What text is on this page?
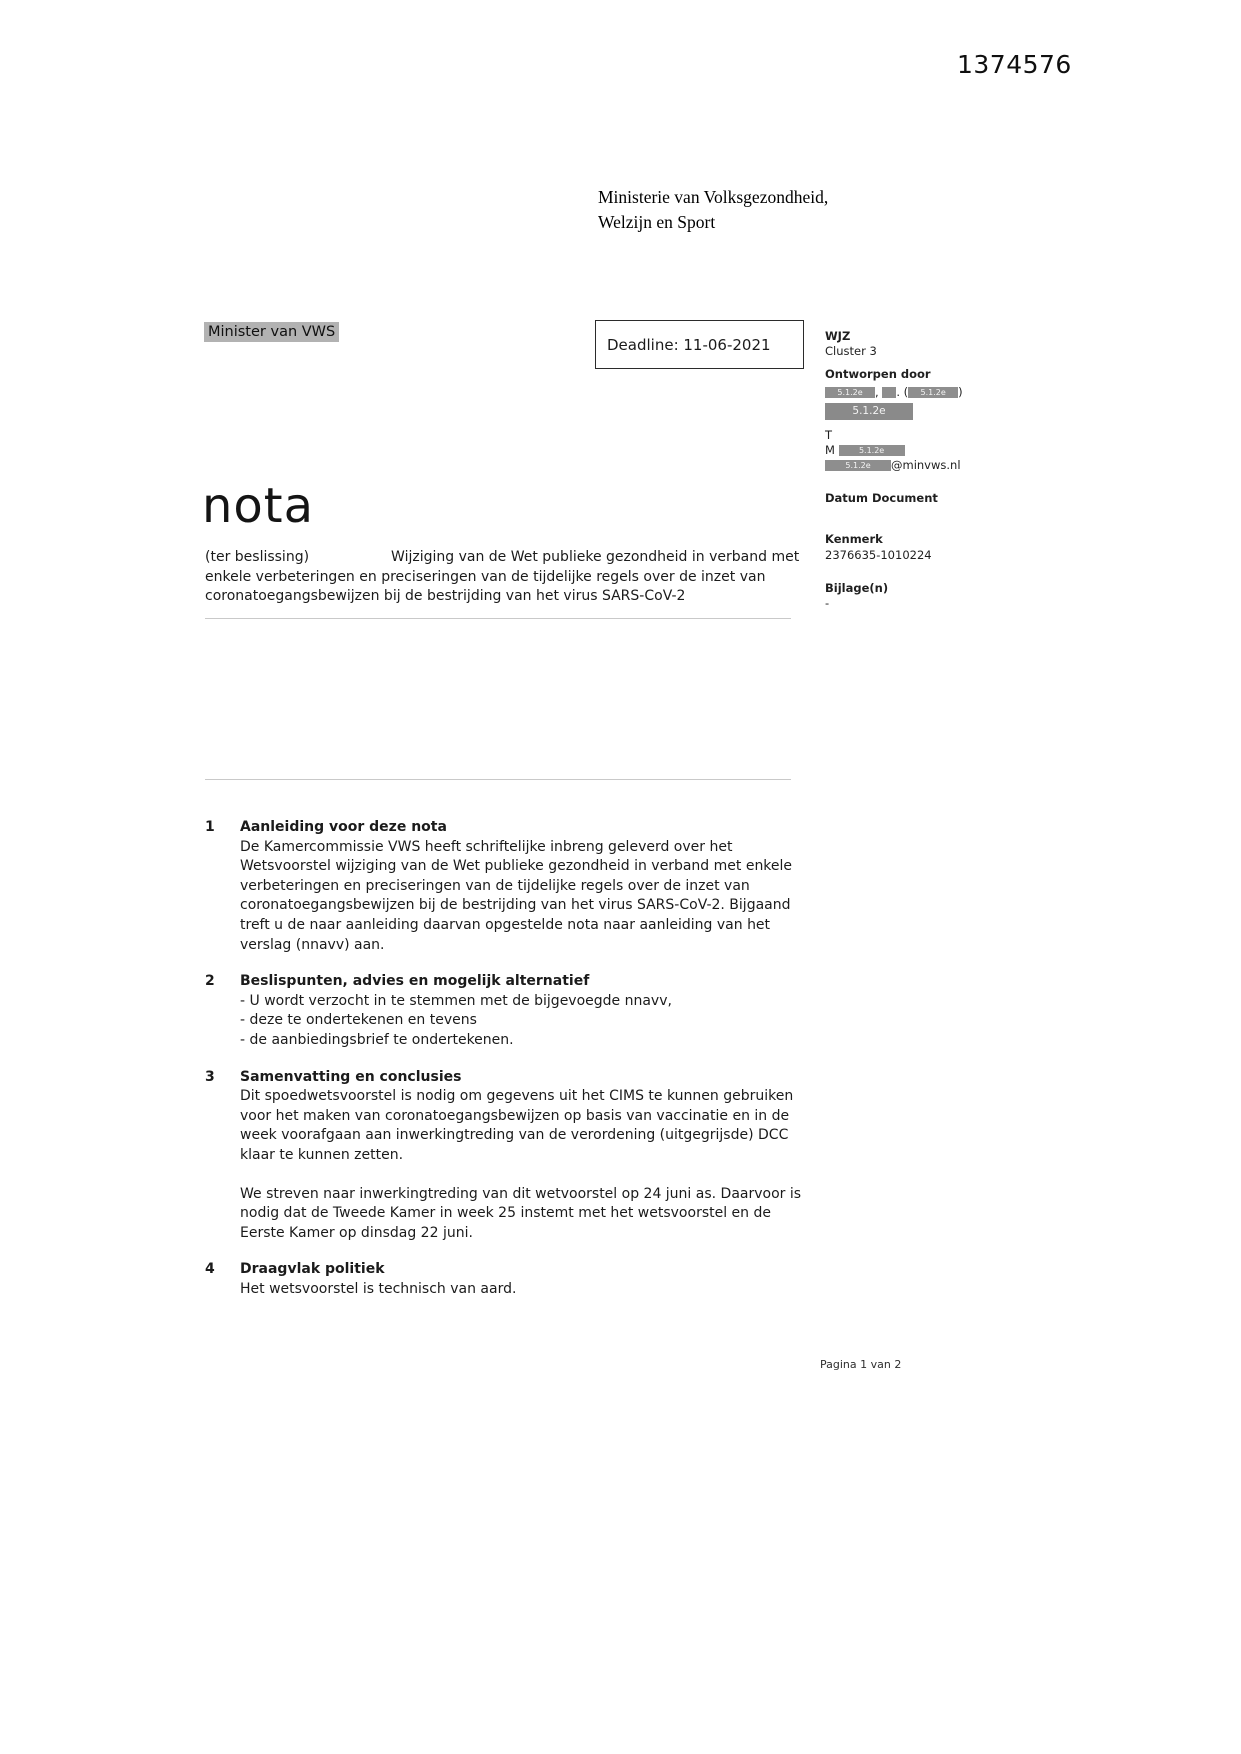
1374576
Ministerie van Volksgezondheid,
Welzijn en Sport
Minister van VWS
Deadline: 11-06-2021	WJZ
Cluster 3
Ontworpen door
5.1.2e , . ( 5.1.2e )
5.1.2e
T
M	5.1.2e
5.1.2e @minvws.nl
Datum Document
Kenmerk
2376635-1010224
Bijlage(n)
-
nota
(ter beslissing)	Wijziging van de Wet publieke gezondheid in verband met enkele verbeteringen en preciseringen van de tijdelijke regels over de inzet van coronatoegangsbewijzen bij de bestrijding van het virus SARS-CoV-2
1	Aanleiding voor deze nota

De Kamercommissie VWS heeft schriftelijke inbreng geleverd over het Wetsvoorstel wijziging van de Wet publieke gezondheid in verband met enkele verbeteringen en preciseringen van de tijdelijke regels over de inzet van coronatoegangsbewijzen bij de bestrijding van het virus SARS-CoV-2. Bijgaand treft u de naar aanleiding daarvan opgestelde nota naar aanleiding van het verslag (nnavv) aan.

2	Beslispunten, advies en mogelijk alternatief

- U wordt verzocht in te stemmen met de bijgevoegde nnavv,

- deze te ondertekenen en tevens

- de aanbiedingsbrief te ondertekenen.

3	Samenvatting en conclusies

Dit spoedwetsvoorstel is nodig om gegevens uit het CIMS te kunnen gebruiken voor het maken van coronatoegangsbewijzen op basis van vaccinatie en in de week voorafgaan aan inwerkingtreding van de verordening (uitgegrijsde) DCC klaar te kunnen zetten.

We streven naar inwerkingtreding van dit wetvoorstel op 24 juni as. Daarvoor is nodig dat de Tweede Kamer in week 25 instemt met het wetsvoorstel en de Eerste Kamer op dinsdag 22 juni.

4	Draagvlak politiek

Het wetsvoorstel is technisch van aard.

Pagina 1 van 2
